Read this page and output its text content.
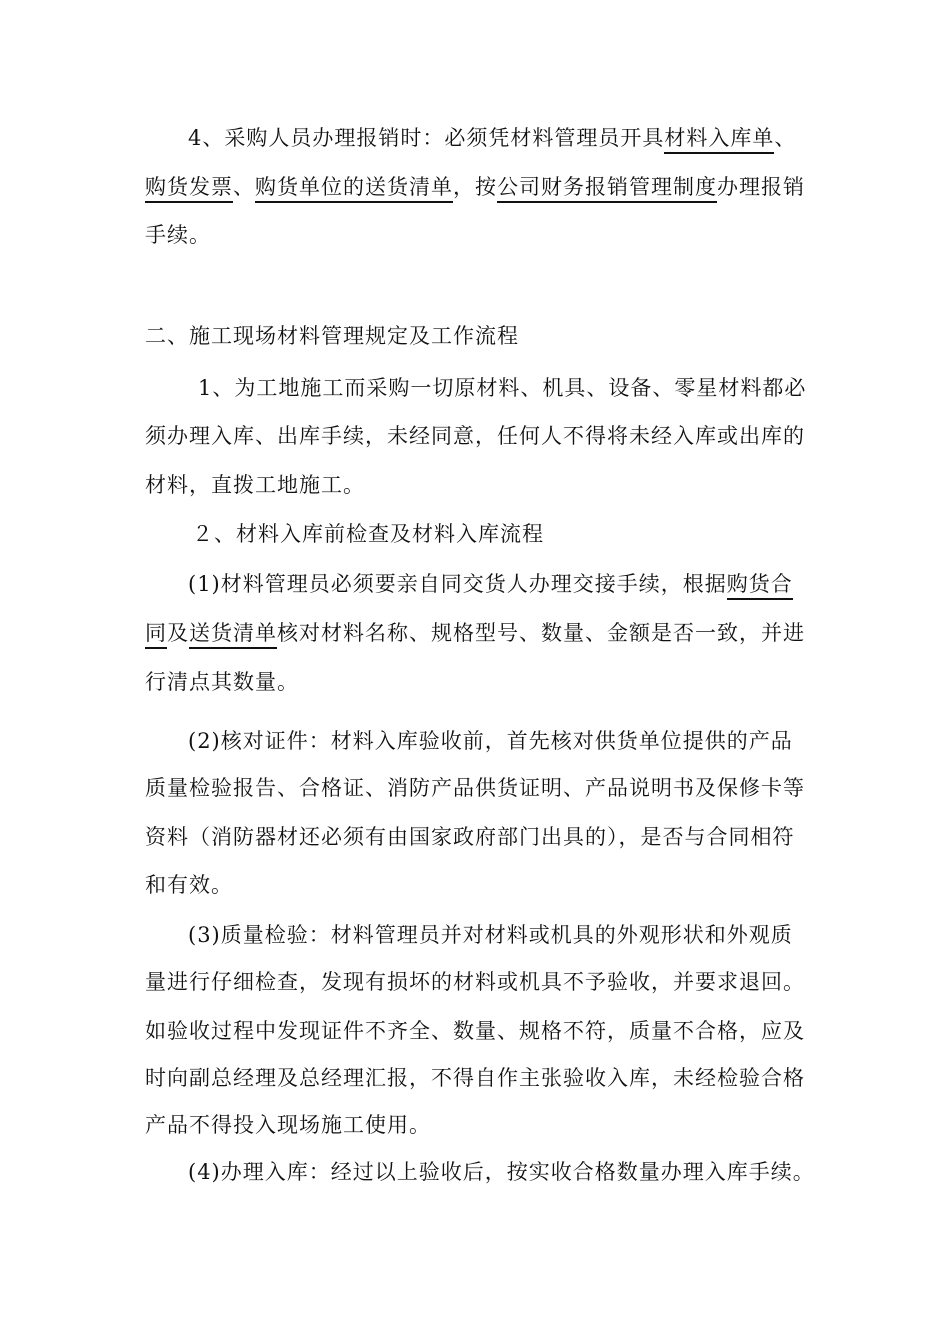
4、采购人员办理报销时：必须凭材料管理员开具材料入库单、
购货发票、购货单位的送货清单，按公司财务报销管理制度办理报销
手续。
二、施工现场材料管理规定及工作流程
1、为工地施工而采购一切原材料、机具、设备、零星材料都必
须办理入库、出库手续，未经同意，任何人不得将未经入库或出库的
材料，直拨工地施工。
２、材料入库前检查及材料入库流程
(1)材料管理员必须要亲自同交货人办理交接手续，根据购货合
同及送货清单核对材料名称、规格型号、数量、金额是否一致，并进
行清点其数量。
(2)核对证件：材料入库验收前，首先核对供货单位提供的产品
质量检验报告、合格证、消防产品供货证明、产品说明书及保修卡等
资料（消防器材还必须有由国家政府部门出具的），是否与合同相符
和有效。
(3)质量检验：材料管理员并对材料或机具的外观形状和外观质
量进行仔细检查，发现有损坏的材料或机具不予验收，并要求退回。
如验收过程中发现证件不齐全、数量、规格不符，质量不合格，应及
时向副总经理及总经理汇报，不得自作主张验收入库，未经检验合格
产品不得投入现场施工使用。
(4)办理入库：经过以上验收后，按实收合格数量办理入库手续。
